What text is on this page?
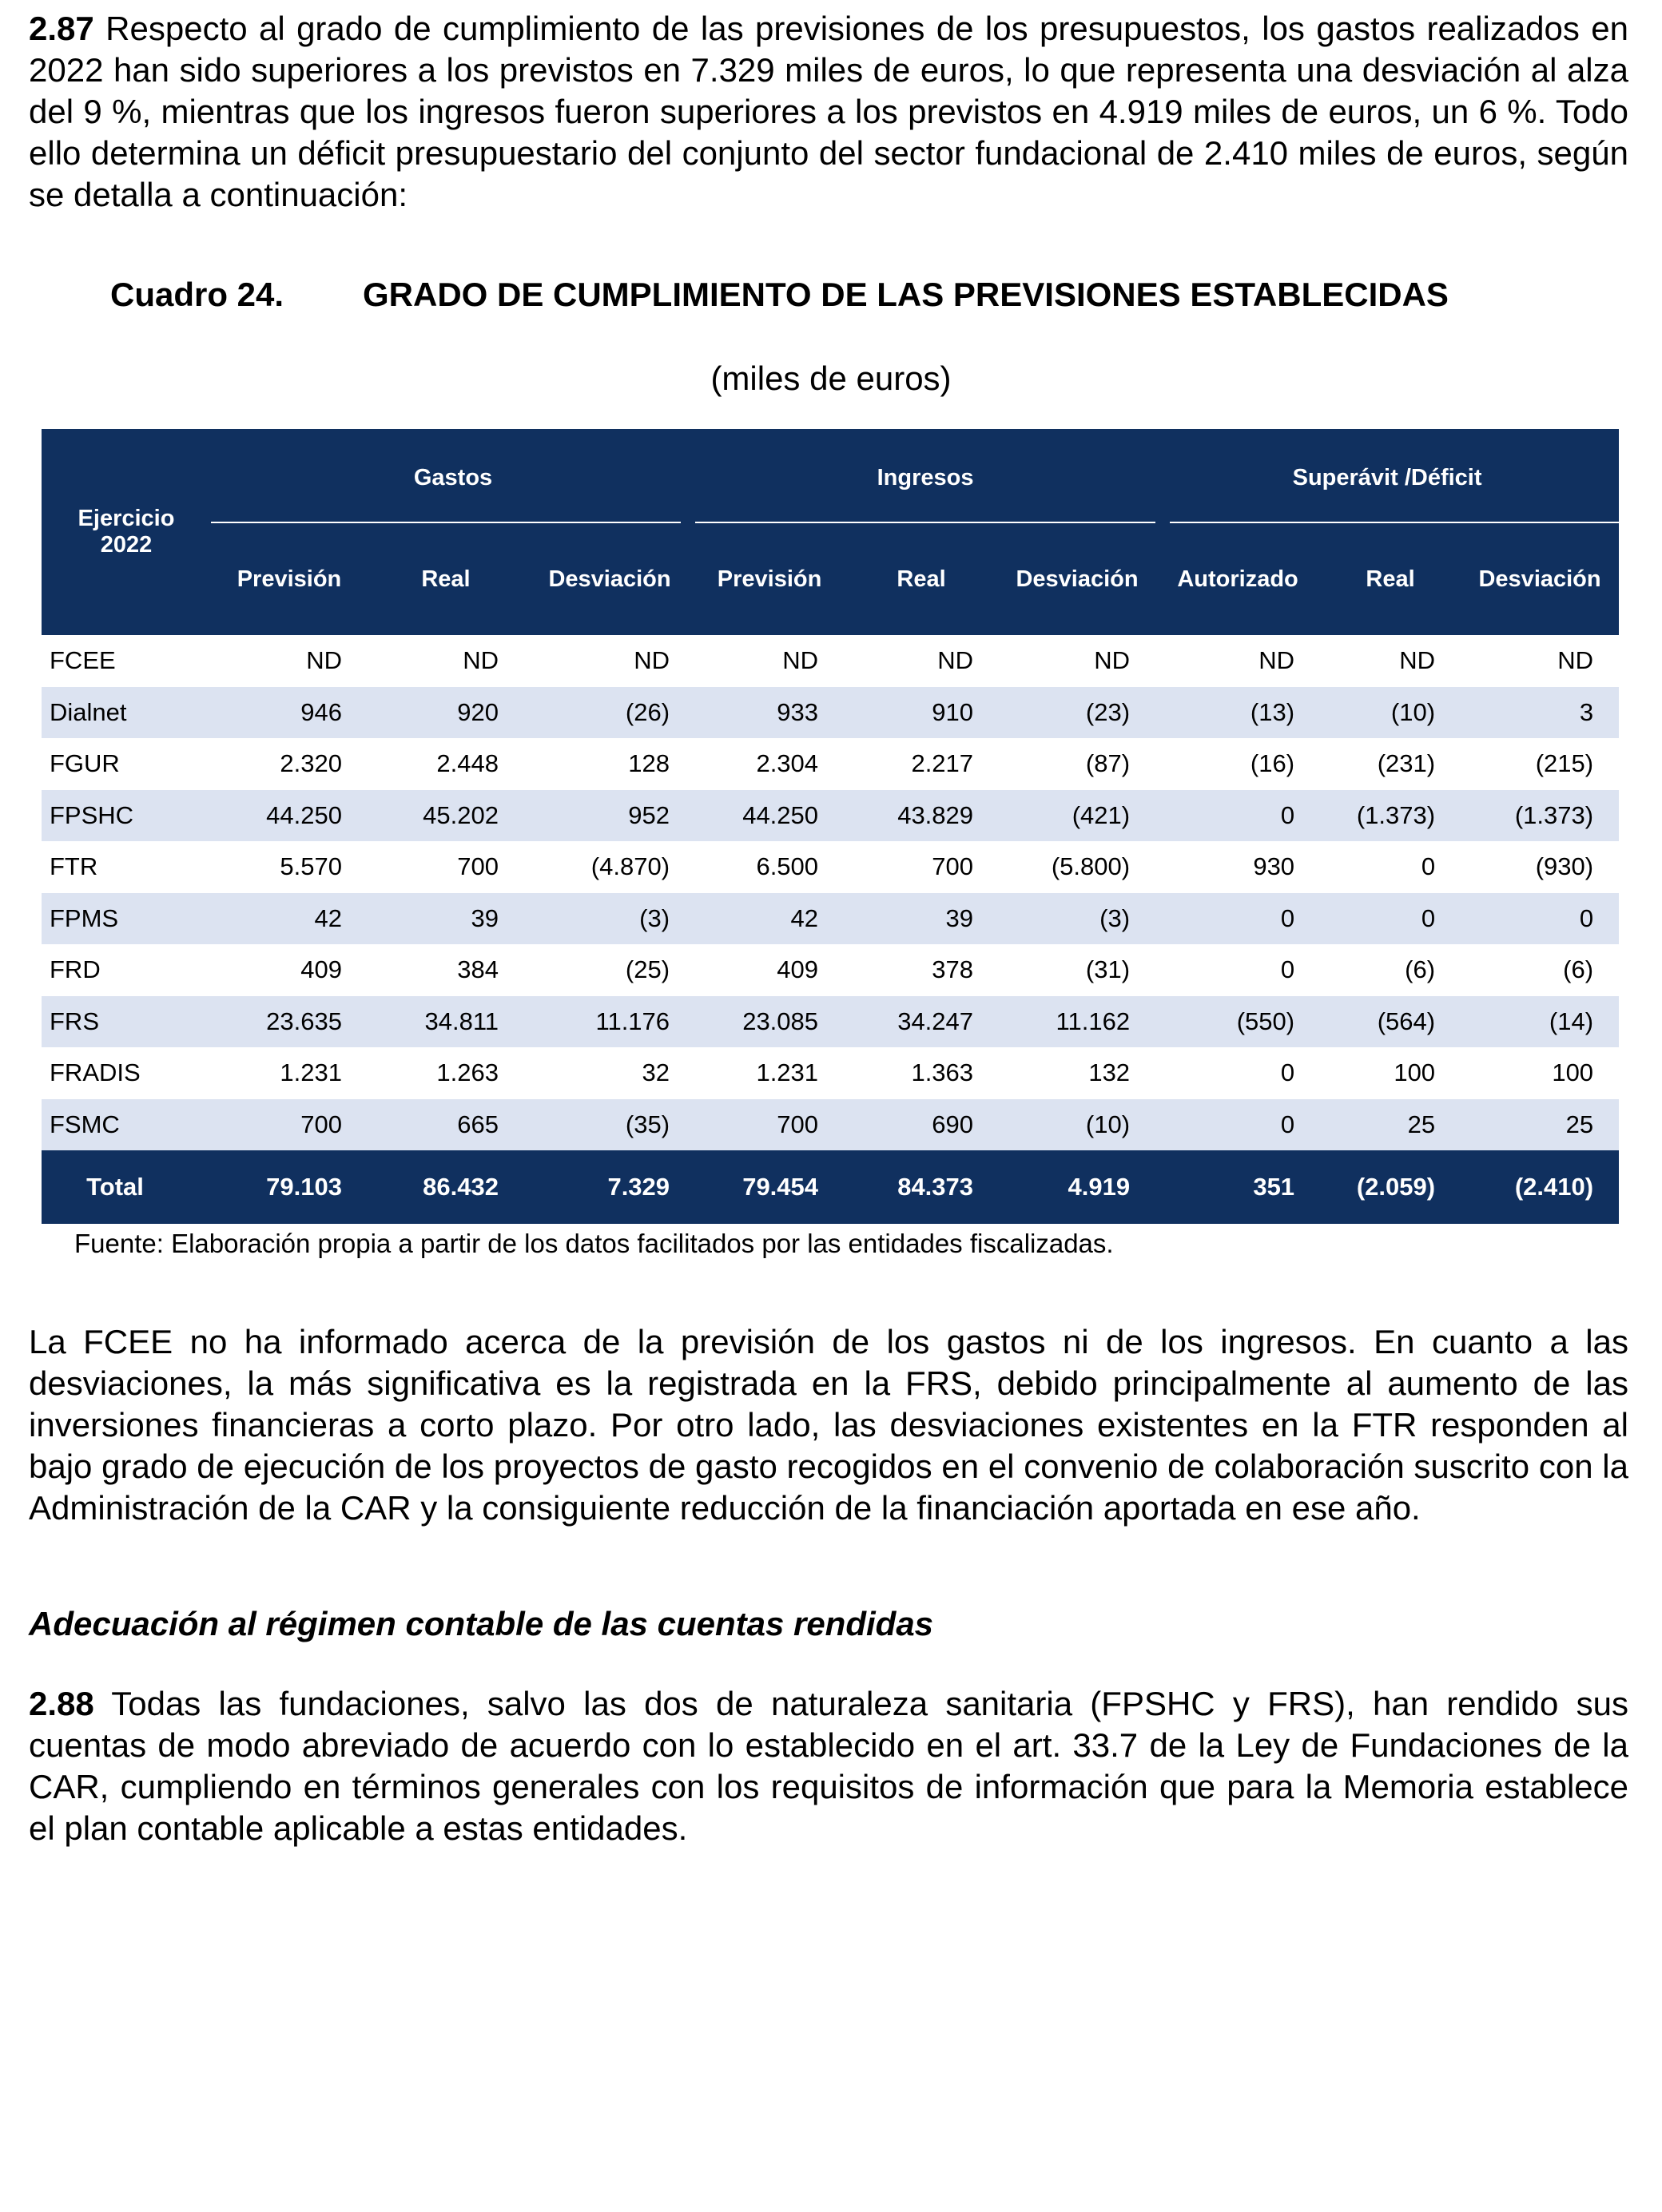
2.87 Respecto al grado de cumplimiento de las previsiones de los presupuestos, los gastos realizados en 2022 han sido superiores a los previstos en 7.329 miles de euros, lo que representa una desviación al alza del 9 %, mientras que los ingresos fueron superiores a los previstos en 4.919 miles de euros, un 6 %. Todo ello determina un déficit presupuestario del conjunto del sector fundacional de 2.410 miles de euros, según se detalla a continuación:

Cuadro 24. GRADO DE CUMPLIMIENTO DE LAS PREVISIONES ESTABLECIDAS
(miles de euros)
Ejercicio
2022	Gastos			Ingresos			Superávit /Déficit		

	Previsión	Real	Desviación	Previsión	Real	Desviación	Autorizado	Real	Desviación
FCEE	ND	ND	ND	ND	ND	ND	ND	ND	ND
Dialnet	946	920	(26)	933	910	(23)	(13)	(10)	3
FGUR	2.320	2.448	128	2.304	2.217	(87)	(16)	(231)	(215)
FPSHC	44.250	45.202	952	44.250	43.829	(421)	0	(1.373)	(1.373)
FTR	5.570	700	(4.870)	6.500	700	(5.800)	930	0	(930)
FPMS	42	39	(3)	42	39	(3)	0	0	0
FRD	409	384	(25)	409	378	(31)	0	(6)	(6)
FRS	23.635	34.811	11.176	23.085	34.247	11.162	(550)	(564)	(14)
FRADIS	1.231	1.263	32	1.231	1.363	132	0	100	100
FSMC	700	665	(35)	700	690	(10)	0	25	25
Total	79.103	86.432	7.329	79.454	84.373	4.919	351	(2.059)	(2.410)
Fuente: Elaboración propia a partir de los datos facilitados por las entidades fiscalizadas.

La FCEE no ha informado acerca de la previsión de los gastos ni de los ingresos. En cuanto a las desviaciones, la más significativa es la registrada en la FRS, debido principalmente al aumento de las inversiones financieras a corto plazo. Por otro lado, las desviaciones existentes en la FTR responden al bajo grado de ejecución de los proyectos de gasto recogidos en el convenio de colaboración suscrito con la Administración de la CAR y la consiguiente reducción de la financiación aportada en ese año.

Adecuación al régimen contable de las cuentas rendidas

2.88 Todas las fundaciones, salvo las dos de naturaleza sanitaria (FPSHC y FRS), han rendido sus cuentas de modo abreviado de acuerdo con lo establecido en el art. 33.7 de la Ley de Fundaciones de la CAR, cumpliendo en términos generales con los requisitos de información que para la Memoria establece el plan contable aplicable a estas entidades.
